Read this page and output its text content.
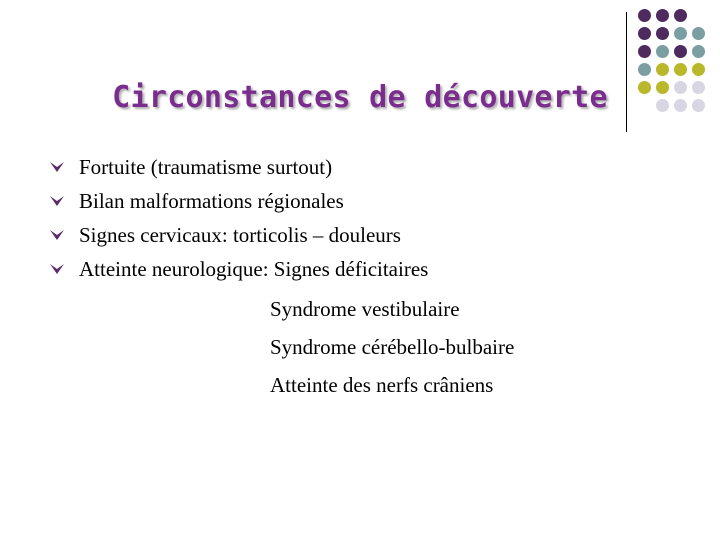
Circonstances de découverte
Fortuite (traumatisme surtout)
Bilan malformations régionales
Signes cervicaux: torticolis – douleurs
Atteinte neurologique: Signes déficitaires
Syndrome vestibulaire
Syndrome cérébello-bulbaire
Atteinte des nerfs crâniens
